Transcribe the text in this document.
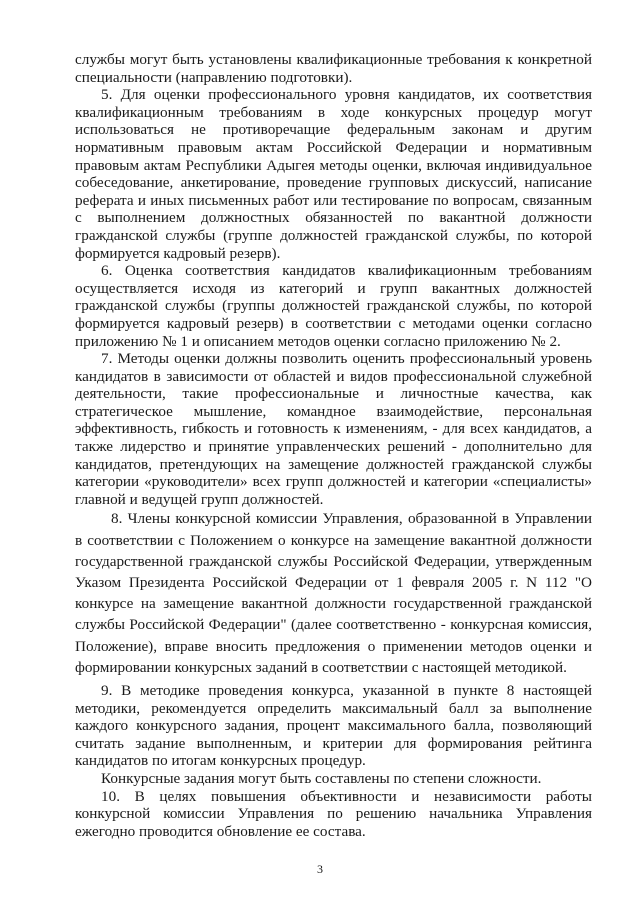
службы могут быть установлены квалификационные требования к конкретной специальности (направлению подготовки).

5. Для оценки профессионального уровня кандидатов, их соответствия квалификационным требованиям в ходе конкурсных процедур могут использоваться не противоречащие федеральным законам и другим нормативным правовым актам Российской Федерации и нормативным правовым актам Республики Адыгея методы оценки, включая индивидуальное собеседование, анкетирование, проведение групповых дискуссий, написание реферата и иных письменных работ или тестирование по вопросам, связанным с выполнением должностных обязанностей по вакантной должности гражданской службы (группе должностей гражданской службы, по которой формируется кадровый резерв).

6. Оценка соответствия кандидатов квалификационным требованиям осуществляется исходя из категорий и групп вакантных должностей гражданской службы (группы должностей гражданской службы, по которой формируется кадровый резерв) в соответствии с методами оценки согласно приложению № 1 и описанием методов оценки согласно приложению № 2.

7. Методы оценки должны позволить оценить профессиональный уровень кандидатов в зависимости от областей и видов профессиональной служебной деятельности, такие профессиональные и личностные качества, как стратегическое мышление, командное взаимодействие, персональная эффективность, гибкость и готовность к изменениям, - для всех кандидатов, а также лидерство и принятие управленческих решений - дополнительно для кандидатов, претендующих на замещение должностей гражданской службы категории «руководители» всех групп должностей и категории «специалисты» главной и ведущей групп должностей.

8. Члены конкурсной комиссии Управления, образованной в Управлении в соответствии с Положением о конкурсе на замещение вакантной должности государственной гражданской службы Российской Федерации, утвержденным Указом Президента Российской Федерации от 1 февраля 2005 г. N 112 "О конкурсе на замещение вакантной должности государственной гражданской службы Российской Федерации" (далее соответственно - конкурсная комиссия, Положение), вправе вносить предложения о применении методов оценки и формировании конкурсных заданий в соответствии с настоящей методикой.

9. В методике проведения конкурса, указанной в пункте 8 настоящей методики, рекомендуется определить максимальный балл за выполнение каждого конкурсного задания, процент максимального балла, позволяющий считать задание выполненным, и критерии для формирования рейтинга кандидатов по итогам конкурсных процедур.

Конкурсные задания могут быть составлены по степени сложности.

10. В целях повышения объективности и независимости работы конкурсной комиссии Управления по решению начальника Управления ежегодно проводится обновление ее состава.

3
